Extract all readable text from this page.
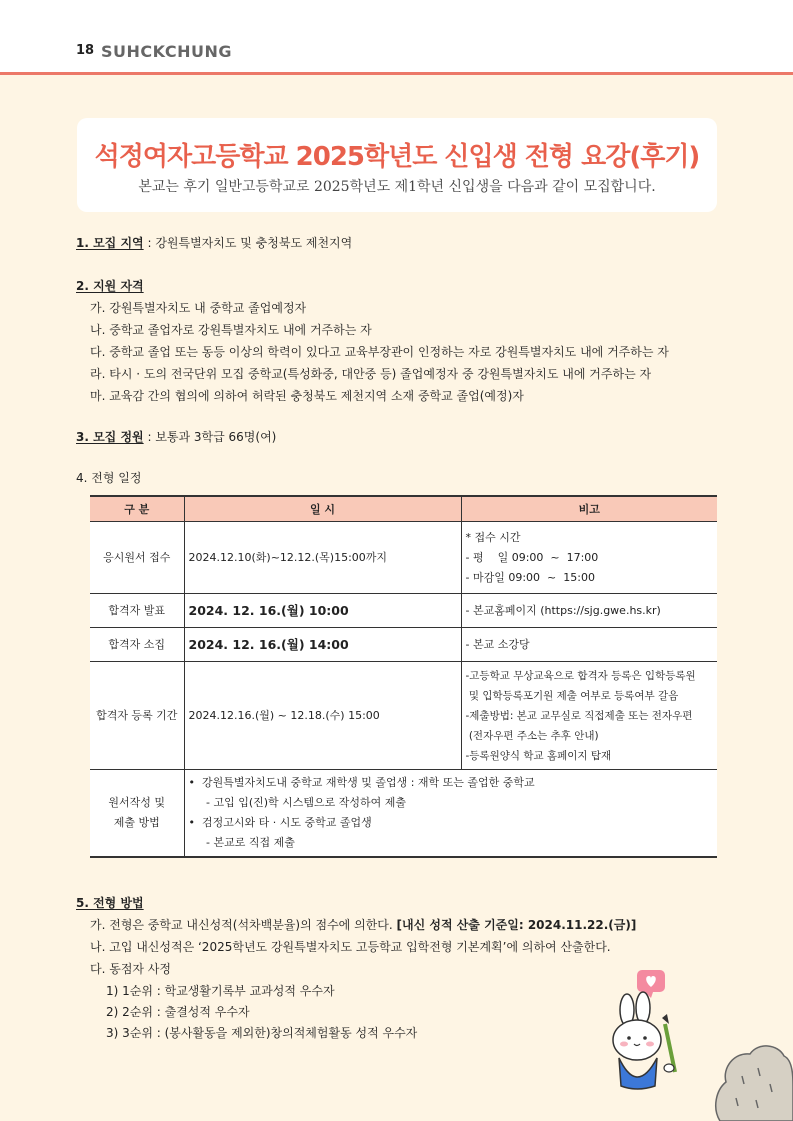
18 SUHCKCHUNG
석정여자고등학교 2025학년도 신입생 전형 요강(후기)
본교는 후기 일반고등학교로 2025학년도 제1학년 신입생을 다음과 같이 모집합니다.
1. 모집 지역 : 강원특별자치도 및 충청북도 제천지역
2. 지원 자격
가. 강원특별자치도 내 중학교 졸업예정자
나. 중학교 졸업자로 강원특별자치도 내에 거주하는 자
다. 중학교 졸업 또는 동등 이상의 학력이 있다고 교육부장관이 인정하는 자로 강원특별자치도 내에 거주하는 자
라. 타시 · 도의 전국단위 모집 중학교(특성화중, 대안중 등) 졸업예정자 중 강원특별자치도 내에 거주하는 자
마. 교육감 간의 협의에 의하여 허락된 충청북도 제천지역 소재 중학교 졸업(예정)자
3. 모집 정원 : 보통과 3학급 66명(여)
4. 전형 일정
구 분	일 시	비고
응시원서 접수	2024.12.10(화)~12.12.(목)15:00까지	* 접수 시간
- 평    일 09:00  ~  17:00
- 마감일 09:00  ~  15:00

합격자 발표	2024. 12. 16.(월) 10:00	- 본교홈페이지 (https://sjg.gwe.hs.kr)
합격자 소집	2024. 12. 16.(월) 14:00	- 본교 소강당
합격자 등록 기간	2024.12.16.(월) ~ 12.18.(수) 15:00	-고등학교 무상교육으로 합격자 등록은 입학등록원
및 입학등록포기원 제출 여부로 등록여부 갈음
-제출방법: 본교 교무실로 직접제출 또는 전자우편
(전자우편 주소는 추후 안내)
-등록원양식 학교 홈페이지 탑재

원서작성 및
제출 방법	•  강원특별자치도내 중학교 재학생 및 졸업생 : 재학 또는 졸업한 중학교
- 고입 입(진)학 시스템으로 작성하여 제출
•  검정고시와 타 · 시도 중학교 졸업생
- 본교로 직접 제출	
5. 전형 방법
가. 전형은 중학교 내신성적(석차백분율)의 점수에 의한다. [내신 성적 산출 기준일: 2024.11.22.(금)]
나. 고입 내신성적은 ‘2025학년도 강원특별자치도 고등학교 입학전형 기본계획’에 의하여 산출한다.
다. 동점자 사정
1) 1순위 : 학교생활기록부 교과성적 우수자
2) 2순위 : 출결성적 우수자
3) 3순위 : (봉사활동을 제외한)창의적체험활동 성적 우수자
